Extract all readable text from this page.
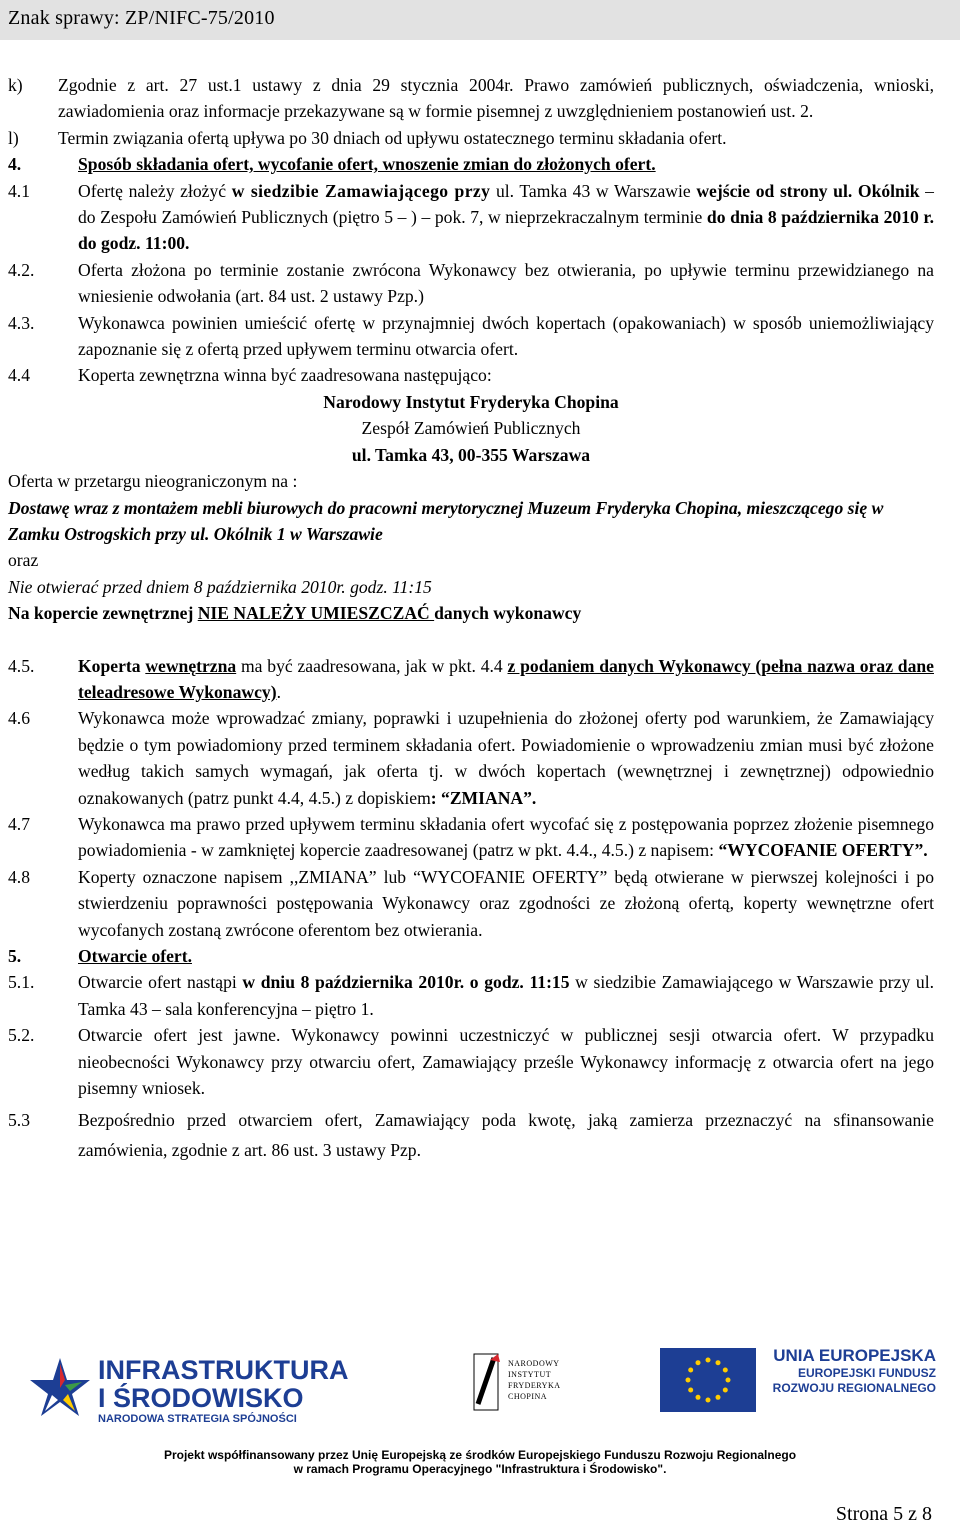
Znak sprawy: ZP/NIFC-75/2010
k)	Zgodnie z art. 27 ust.1 ustawy z dnia 29 stycznia 2004r. Prawo zamówień publicznych, oświadczenia, wnioski, zawiadomienia oraz informacje przekazywane są w formie pisemnej z uwzględnieniem postanowień ust. 2.
l)	Termin związania ofertą upływa po 30 dniach od upływu ostatecznego terminu składania ofert.
4.	Sposób składania ofert, wycofanie ofert, wnoszenie zmian do złożonych ofert.
4.1	Ofertę należy złożyć w siedzibie Zamawiającego przy ul. Tamka 43 w Warszawie wejście od strony ul. Okólnik – do Zespołu Zamówień Publicznych (piętro 5 – ) – pok. 7, w nieprzekraczalnym terminie do dnia 8 października 2010 r. do godz. 11:00.
4.2.	Oferta złożona po terminie zostanie zwrócona Wykonawcy bez otwierania, po upływie terminu przewidzianego na wniesienie odwołania (art. 84 ust. 2 ustawy Pzp.)
4.3.	Wykonawca powinien umieścić ofertę w przynajmniej dwóch kopertach (opakowaniach) w sposób uniemożliwiający zapoznanie się z ofertą przed upływem terminu otwarcia ofert.
4.4	Koperta zewnętrzna winna być zaadresowana następująco:
Narodowy Instytut Fryderyka Chopina
Zespół Zamówień Publicznych
ul. Tamka 43, 00-355 Warszawa
Oferta w przetargu nieograniczonym na :
Dostawę wraz z montażem mebli biurowych do pracowni merytorycznej Muzeum Fryderyka Chopina, mieszczącego się w Zamku Ostrogskich przy ul. Okólnik 1 w Warszawie
oraz
Nie otwierać przed dniem 8 października 2010r. godz. 11:15
Na kopercie zewnętrznej NIE NALEŻY UMIESZCZAĆ danych wykonawcy
4.5.	Koperta wewnętrzna ma być zaadresowana, jak w pkt. 4.4 z podaniem danych Wykonawcy (pełna nazwa oraz dane teleadresowe Wykonawcy).
4.6	Wykonawca może wprowadzać zmiany, poprawki i uzupełnienia do złożonej oferty pod warunkiem, że Zamawiający będzie o tym powiadomiony przed terminem składania ofert. Powiadomienie o wprowadzeniu zmian musi być złożone według takich samych wymagań, jak oferta tj. w dwóch kopertach (wewnętrznej i zewnętrznej) odpowiednio oznakowanych (patrz punkt 4.4, 4.5.) z dopiskiem: “ZMIANA”.
4.7	Wykonawca ma prawo przed upływem terminu składania ofert wycofać się z postępowania poprzez złożenie pisemnego powiadomienia - w zamkniętej kopercie zaadresowanej (patrz w pkt. 4.4., 4.5.) z napisem: “WYCOFANIE OFERTY”.
4.8	Koperty oznaczone napisem ,,ZMIANA” lub “WYCOFANIE OFERTY” będą otwierane w pierwszej kolejności i po stwierdzeniu poprawności postępowania Wykonawcy oraz zgodności ze złożoną ofertą, koperty wewnętrzne ofert wycofanych zostaną zwrócone oferentom bez otwierania.
5.	Otwarcie ofert.
5.1.	Otwarcie ofert nastąpi w dniu 8 października 2010r. o godz. 11:15 w siedzibie Zamawiającego w Warszawie przy ul. Tamka 43 – sala konferencyjna – piętro 1.
5.2.	Otwarcie ofert jest jawne. Wykonawcy powinni uczestniczyć w publicznej sesji otwarcia ofert. W przypadku nieobecności Wykonawcy przy otwarciu ofert, Zamawiający prześle Wykonawcy informację z otwarcia ofert na jego pisemny wniosek.
5.3	Bezpośrednio przed otwarciem ofert, Zamawiający poda kwotę, jaką zamierza przeznaczyć na sfinansowanie zamówienia, zgodnie z art. 86 ust. 3 ustawy Pzp.
INFRASTRUKTURA
I ŚRODOWISKO
NARODOWA STRATEGIA SPÓJNOŚCI
NARODOWY
INSTYTUT
FRYDERYKA
CHOPINA
UNIA EUROPEJSKA
EUROPEJSKI FUNDUSZ
ROZWOJU REGIONALNEGO
Projekt współfinansowany przez Unię Europejską ze środków Europejskiego Funduszu Rozwoju Regionalnego
w ramach Programu Operacyjnego "Infrastruktura i Środowisko".
Strona 5 z 8
